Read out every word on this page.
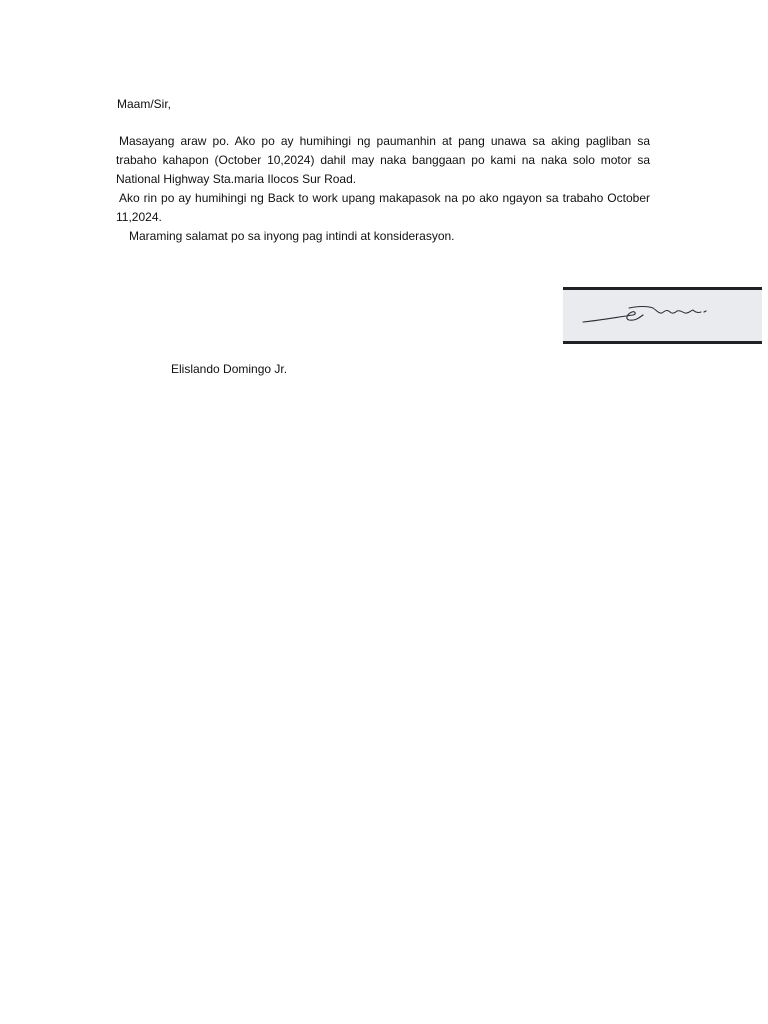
Maam/Sir,

Masayang araw po. Ako po ay humihingi ng paumanhin at pang unawa sa aking pagliban sa trabaho kahapon (October 10,2024) dahil may naka banggaan po kami na naka solo motor sa National Highway Sta.maria Ilocos Sur Road.

Ako rin po ay humihingi ng Back to work upang makapasok na po ako ngayon sa trabaho October 11,2024.

Maraming salamat po sa inyong pag intindi at konsiderasyon.

Elislando Domingo Jr.
